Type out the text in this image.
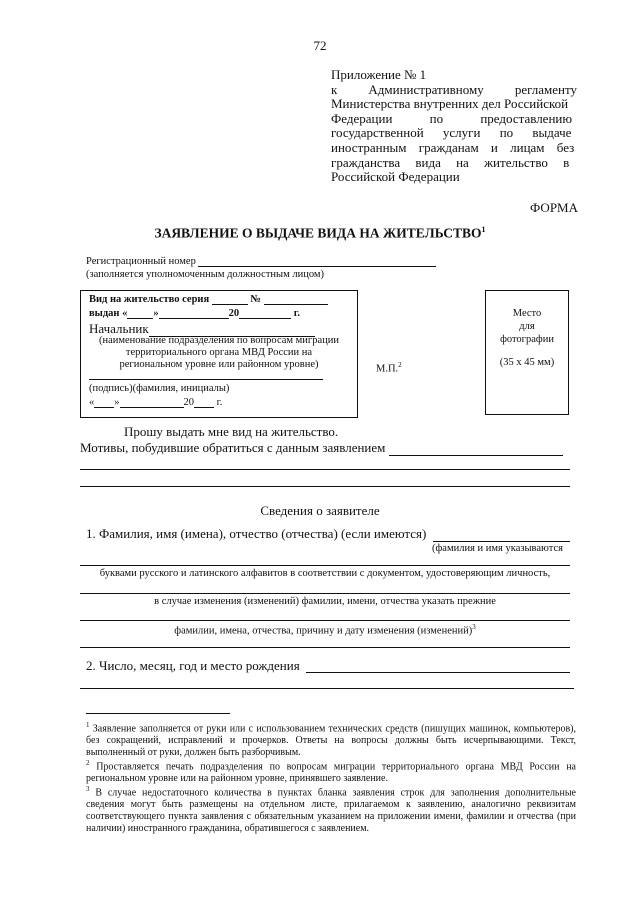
72
Приложение № 1
к Административному регламенту
Министерства внутренних дел Российской
Федерации по предоставлению
государственной услуги по выдаче
иностранным гражданам и лицам без
гражданства вида на жительство в
Российской Федерации
ФОРМА
ЗАЯВЛЕНИЕ О ВЫДАЧЕ ВИДА НА ЖИТЕЛЬСТВО$^1$
Регистрационный номер
(заполняется уполномоченным должностным лицом)
Вид на жительство серия	№
выдан « »	20	г.
Начальник
(наименование подразделения по вопросам миграции
территориального органа МВД России на
региональном уровне или районном уровне)
(подпись)(фамилия, инициалы)
« »	20 г.
М.П.$^2$
Место
для
фотографии
(35 х 45 мм)
Прошу выдать мне вид на жительство.
Мотивы, побудившие обратиться с данным заявлением
Сведения о заявителе
1. Фамилия, имя (имена), отчество (отчества) (если имеются)
(фамилия и имя указываются
буквами русского и латинского алфавитов в соответствии с документом, удостоверяющим личность,
в случае изменения (изменений) фамилии, имени, отчества указать прежние
фамилии, имена, отчества, причину и дату изменения (изменений)$^3$
2. Число, месяц, год и место рождения
$^1$ Заявление заполняется от руки или с использованием технических средств (пишущих машинок, компьютеров), без сокращений, исправлений и прочерков. Ответы на вопросы должны быть исчерпывающими. Текст, выполненный от руки, должен быть разборчивым.
$^2$ Проставляется печать подразделения по вопросам миграции территориального органа МВД России на региональном уровне или на районном уровне, принявшего заявление.
$^3$ В случае недостаточного количества в пунктах бланка заявления строк для заполнения дополнительные сведения могут быть размещены на отдельном листе, прилагаемом к заявлению, аналогично реквизитам соответствующего пункта заявления с обязательным указанием на приложении имени, фамилии и отчества (при наличии) иностранного гражданина, обратившегося с заявлением.
